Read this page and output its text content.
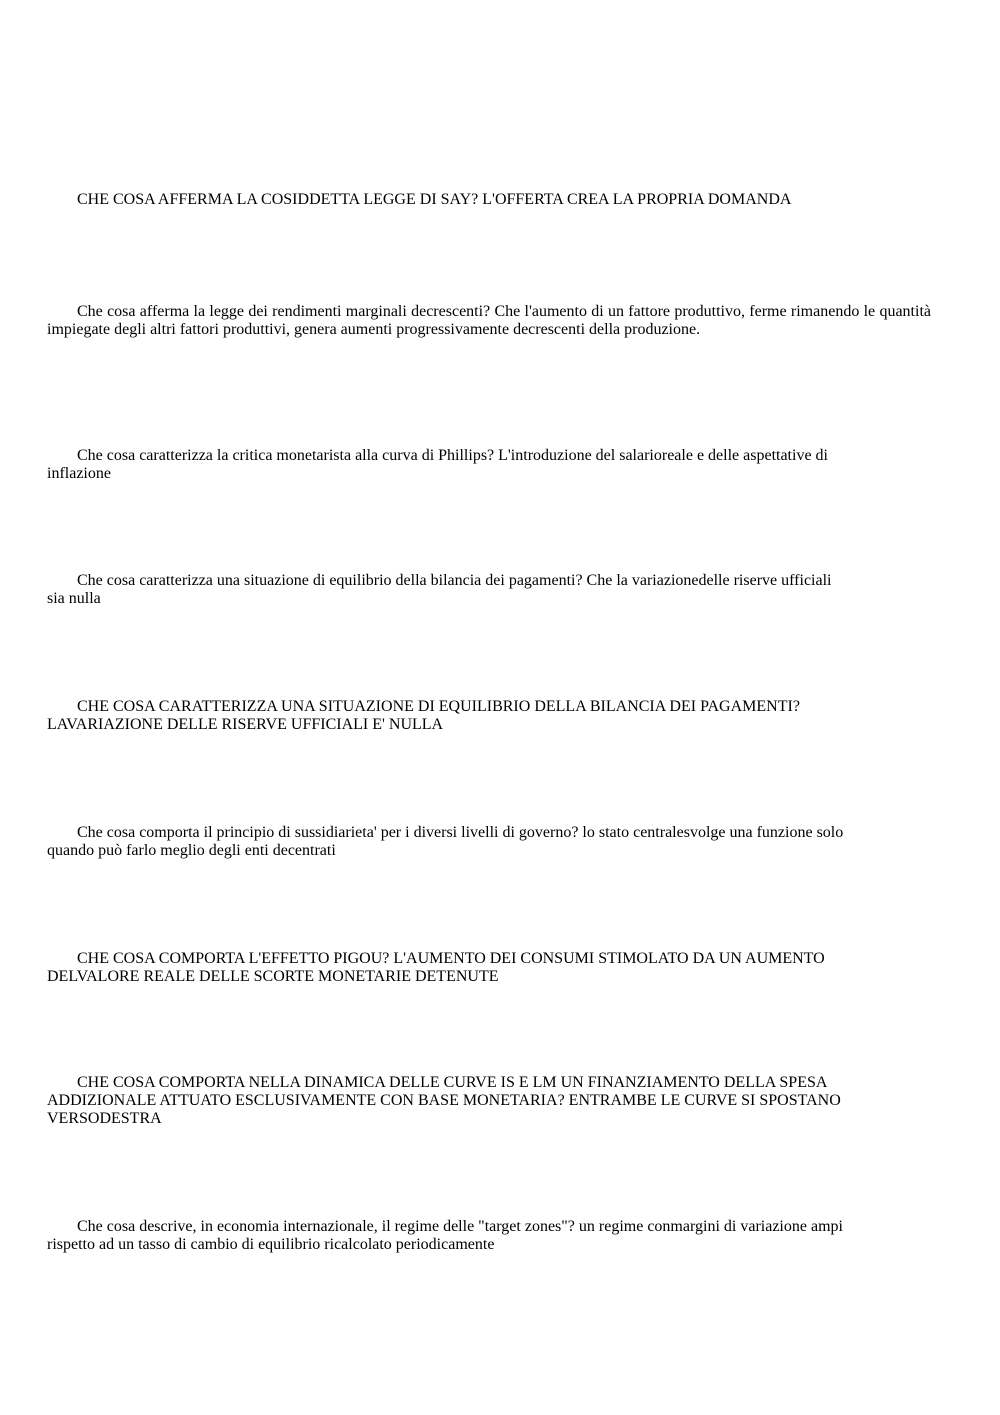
CHE COSA AFFERMA LA COSIDDETTA LEGGE DI SAY? L'OFFERTA CREA LA PROPRIA DOMANDA

Che cosa afferma la legge dei rendimenti marginali decrescenti? Che l'aumento di un fattore produttivo, ferme rimanendo le quantità impiegate degli altri fattori produttivi, genera aumenti progressivamente decrescenti della produzione.

Che cosa caratterizza la critica monetarista alla curva di Phillips? L'introduzione del salarioreale e delle aspettative di inflazione

Che cosa caratterizza una situazione di equilibrio della bilancia dei pagamenti? Che la variazionedelle riserve ufficiali sia nulla

CHE COSA CARATTERIZZA UNA SITUAZIONE DI EQUILIBRIO DELLA BILANCIA DEI PAGAMENTI? LAVARIAZIONE DELLE RISERVE UFFICIALI E' NULLA

Che cosa comporta il principio di sussidiarieta' per i diversi livelli di governo? lo stato centralesvolge una funzione solo quando può farlo meglio degli enti decentrati

CHE COSA COMPORTA L'EFFETTO PIGOU? L'AUMENTO DEI CONSUMI STIMOLATO DA UN AUMENTO DELVALORE REALE DELLE SCORTE MONETARIE DETENUTE

CHE COSA COMPORTA NELLA DINAMICA DELLE CURVE IS E LM UN FINANZIAMENTO DELLA SPESA ADDIZIONALE ATTUATO ESCLUSIVAMENTE CON BASE MONETARIA? ENTRAMBE LE CURVE SI SPOSTANO VERSODESTRA

Che cosa descrive, in economia internazionale, il regime delle "target zones"? un regime conmargini di variazione ampi rispetto ad un tasso di cambio di equilibrio ricalcolato periodicamente
